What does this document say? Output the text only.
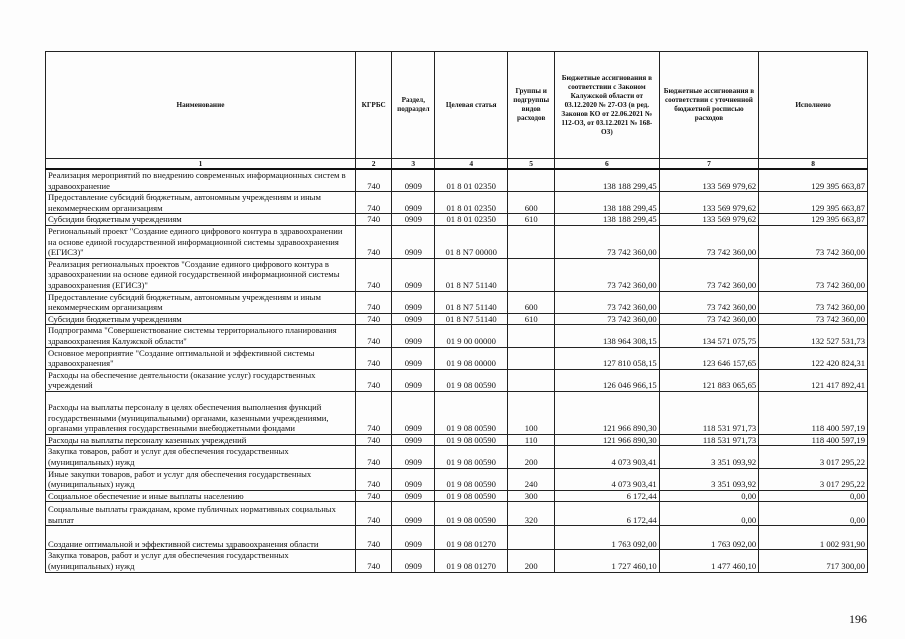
Наименование	КГРБС	Раздел, подраздел	Целевая статья	Группы и подгруппы видов расходов	Бюджетные ассигнования в соответствии с Законом Калужской области от 03.12.2020 № 27-ОЗ (в ред. Законов КО от 22.06.2021 № 112-ОЗ, от 03.12.2021 № 168-ОЗ)	Бюджетные ассигнования в соответствии с уточненной бюджетной росписью расходов	Исполнено
1	2	3	4	5	6	7	8
Реализация мероприятий по внедрению современных информационных систем в здравоохранение	740	0909	01 8 01 02350		138 188 299,45	133 569 979,62	129 395 663,87
Предоставление субсидий бюджетным, автономным учреждениям и иным некоммерческим организациям	740	0909	01 8 01 02350	600	138 188 299,45	133 569 979,62	129 395 663,87
Субсидии бюджетным учреждениям	740	0909	01 8 01 02350	610	138 188 299,45	133 569 979,62	129 395 663,87
Региональный проект "Создание единого цифрового контура в здравоохранении на основе единой государственной информационной системы здравоохранения (ЕГИСЗ)"	740	0909	01 8 N7 00000		73 742 360,00	73 742 360,00	73 742 360,00
Реализация региональных проектов "Создание единого цифрового контура в здравоохранении на основе единой государственной информационной системы здравоохранения (ЕГИСЗ)"	740	0909	01 8 N7 51140		73 742 360,00	73 742 360,00	73 742 360,00
Предоставление субсидий бюджетным, автономным учреждениям и иным некоммерческим организациям	740	0909	01 8 N7 51140	600	73 742 360,00	73 742 360,00	73 742 360,00
Субсидии бюджетным учреждениям	740	0909	01 8 N7 51140	610	73 742 360,00	73 742 360,00	73 742 360,00
Подпрограмма "Совершенствование системы территориального планирования здравоохранения Калужской области"	740	0909	01 9 00 00000		138 964 308,15	134 571 075,75	132 527 531,73
Основное мероприятие "Создание оптимальной и эффективной системы здравоохранения"	740	0909	01 9 08 00000		127 810 058,15	123 646 157,65	122 420 824,31
Расходы на обеспечение деятельности (оказание услуг) государственных учреждений	740	0909	01 9 08 00590		126 046 966,15	121 883 065,65	121 417 892,41
Расходы на выплаты персоналу в целях обеспечения выполнения функций государственными (муниципальными) органами, казенными учреждениями, органами управления государственными внебюджетными фондами	740	0909	01 9 08 00590	100	121 966 890,30	118 531 971,73	118 400 597,19
Расходы на выплаты персоналу казенных учреждений	740	0909	01 9 08 00590	110	121 966 890,30	118 531 971,73	118 400 597,19
Закупка товаров, работ и услуг для обеспечения государственных (муниципальных) нужд	740	0909	01 9 08 00590	200	4 073 903,41	3 351 093,92	3 017 295,22
Иные закупки товаров, работ и услуг для обеспечения государственных (муниципальных) нужд	740	0909	01 9 08 00590	240	4 073 903,41	3 351 093,92	3 017 295,22
Социальное обеспечение и иные выплаты населению	740	0909	01 9 08 00590	300	6 172,44	0,00	0,00
Социальные выплаты гражданам, кроме публичных нормативных социальных выплат	740	0909	01 9 08 00590	320	6 172,44	0,00	0,00
Создание оптимальной и эффективной системы здравоохранения области	740	0909	01 9 08 01270		1 763 092,00	1 763 092,00	1 002 931,90
Закупка товаров, работ и услуг для обеспечения государственных (муниципальных) нужд	740	0909	01 9 08 01270	200	1 727 460,10	1 477 460,10	717 300,00
196
